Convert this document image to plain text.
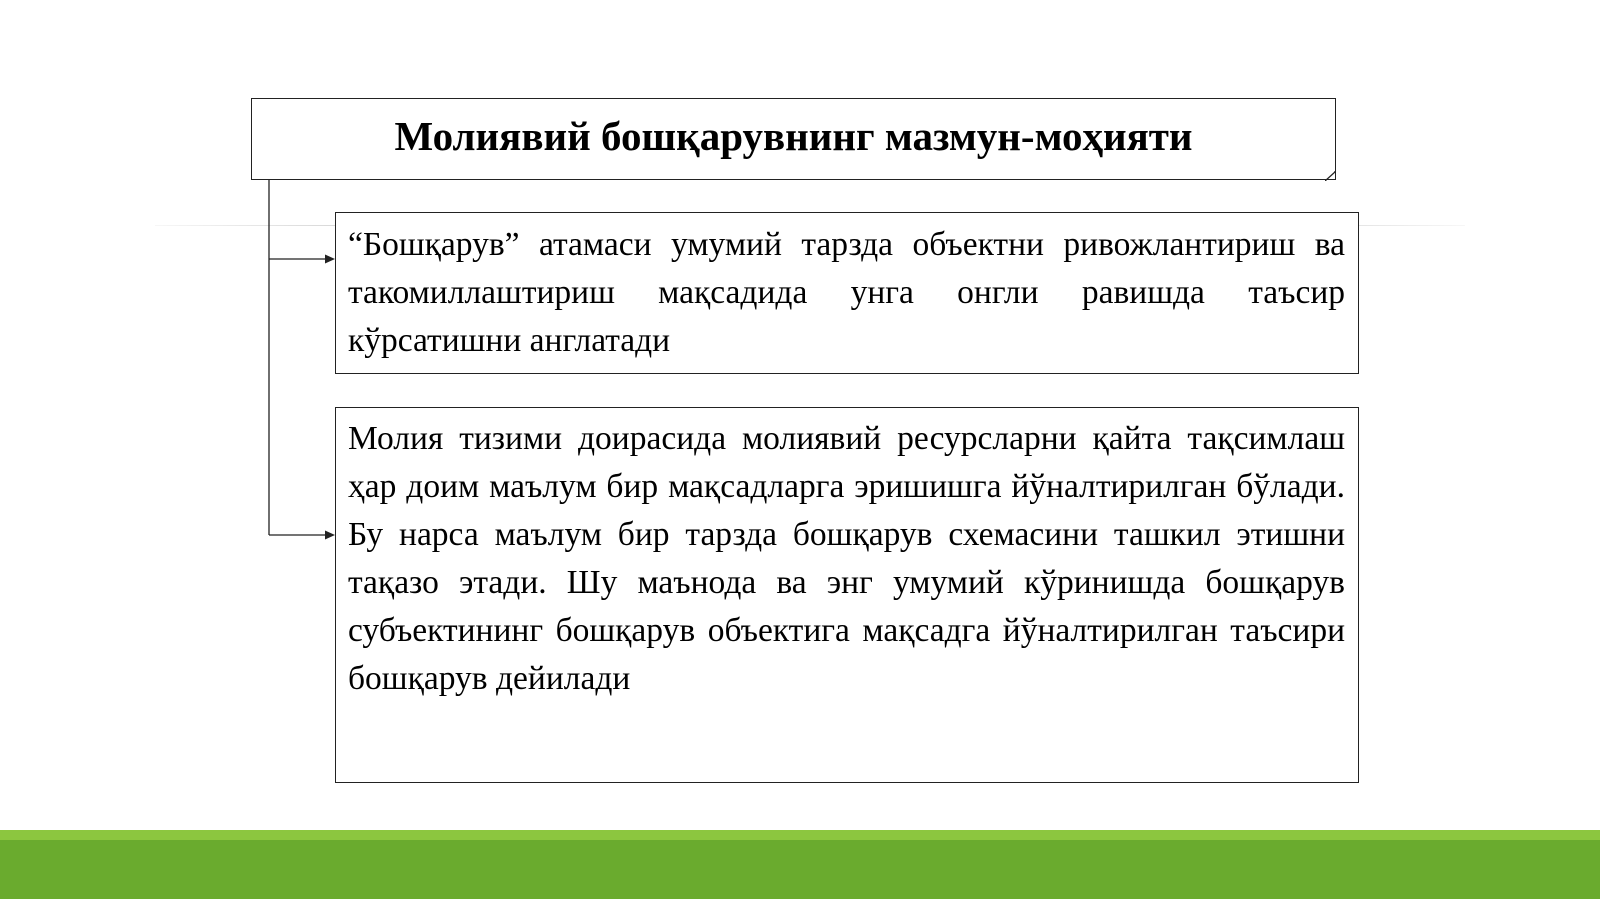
Молиявий бошқарувнинг мазмун-моҳияти
“Бошқарув” атамаси умумий тарзда объектни ривожлантириш ва такомиллаштириш мақсадида унга онгли равишда таъсир кўрсатишни англатади
Молия тизими доирасида молиявий ресурсларни қайта тақсимлаш ҳар доим маълум бир мақсадларга эришишга йўналтирилган бўлади. Бу нарса маълум бир тарзда бошқарув схемасини ташкил этишни тақазо этади. Шу маънода ва энг умумий кўринишда бошқарув субъектининг бошқарув объектига мақсадга йўналтирилган таъсири бошқарув дейилади
